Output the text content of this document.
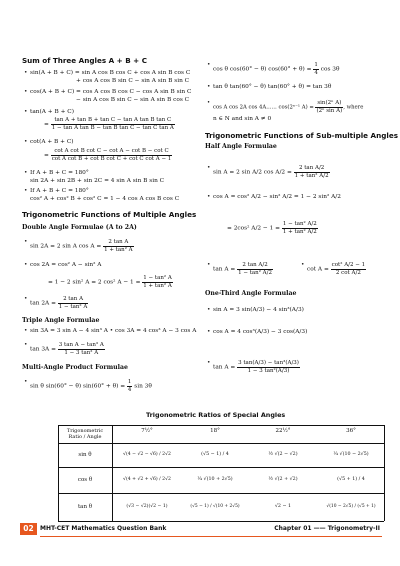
Sum of Three Angles A + B + C
• sin(A + B + C) = sin A cos B cos C + cos A sin B cos C
+ cos A cos B sin C − sin A sin B sin C
• cos(A + B + C) = cos A cos B cos C − cos A sin B sin C
− sin A cos B sin C − sin A sin B cos C
• tan(A + B + C)
= $\frac{\text{tan A + tan B + tan C − tan A tan B tan C}}{\text{1 − tan A tan B − tan B tan C − tan C tan A}}$
• cot(A + B + C)
= $\frac{\text{cot A cot B cot C − cot A − cot B − cot C}}{\text{cot A cot B + cot B cot C + cot C cot A − 1}}$
• If A + B + C = 180°
sin 2A + sin 2B + sin 2C = 4 sin A sin B sin C
• If A + B + C = 180°
cos² A + cos² B + cos² C = 1 − 4 cos A cos B cos C
Trigonometric Functions of Multiple Angles
Double Angle Formulae (A to 2A)
• sin 2A = 2 sin A $\cos A = \frac{\text{2 tan A}}{\text{1 + tan² A}}$
• cos 2A = cos² A − sin² A
= 1 − 2 sin² A = 2 cos² $A - 1 = \frac{\text{1 − tan² A}}{\text{1 + tan² A}}$
• $\tan 2A = \frac{\text{2 tan A}}{\text{1 − tan² A}}$
Triple Angle Formulae
• sin 3A = 3 sin A − 4 sin³ A • cos 3A = 4 cos³ A − 3 cos A
• $\tan 3A = \frac{\text{3 tan A − tan³ A}}{\text{1 − 3 tan² A}}$
Multi-Angle Product Formulae
• sin θ sin(60° − θ) $\sin(60^\circ + \theta) = \frac{1}{4}$ sin 3θ
• cos θ cos(60° − θ) $\cos(60^\circ + \theta) = \frac{1}{4}$ cos 3θ
• tan θ tan(60° − θ) tan(60° + θ) = tan 3θ
• cos A cos 2A cos 4A…… cos(2ⁿ⁻¹ $A) = \frac{\text{sin(2ⁿ A)}}{\text{(2ⁿ sin A)}}$ , where
n ∈ N and sin A ≠ 0
Trigonometric Functions of Sub-multiple Angles
Half Angle Formulae
• sin A = 2 sin A/2 $\cos A/2 = \frac{\text{2 tan A/2}}{\text{1 + tan² A/2}}$
• cos A = cos² A/2 − sin² A/2 = 1 − 2 sin² A/2
= 2cos² $A/2 - 1 = \frac{\text{1 − tan² A/2}}{\text{1 + tan² A/2}}$
• $\tan A = \frac{\text{2 tan A/2}}{\text{1 − tan² A/2}}$
•	$\cot A = \frac{\text{cot² A/2 − 1}}{\text{2 cot A/2}}$
One-Third Angle Formulae
• sin A = 3 sin(A/3) − 4 sin³(A/3)
• cos A = 4 cos³(A/3) − 3 cos(A/3)
• $\tan A = \frac{\text{3 tan(A/3) − tan³(A/3)}}{\text{1 − 3 tan²(A/3)}}$
Trigonometric Ratios of Special Angles
Trigonometric Ratio / Angle
7½°	18°	22½°	36°
sin θ	√(4 − √2 − √6) / 2√2	(√5 − 1) / 4	½ √(2 − √2)	¼ √(10 − 2√5)
cos θ	√(4 + √2 + √6) / 2√2	¼ √(10 + 2√5)	½ √(2 + √2)	(√5 + 1) / 4
tan θ	(√3 − √2)(√2 − 1)	(√5 − 1) / √(10 + 2√5)	√2 − 1	√(10 − 2√5) / (√5 + 1)
02	MHT-CET Mathematics Question Bank	Chapter 01 —— Trigonometry-II
